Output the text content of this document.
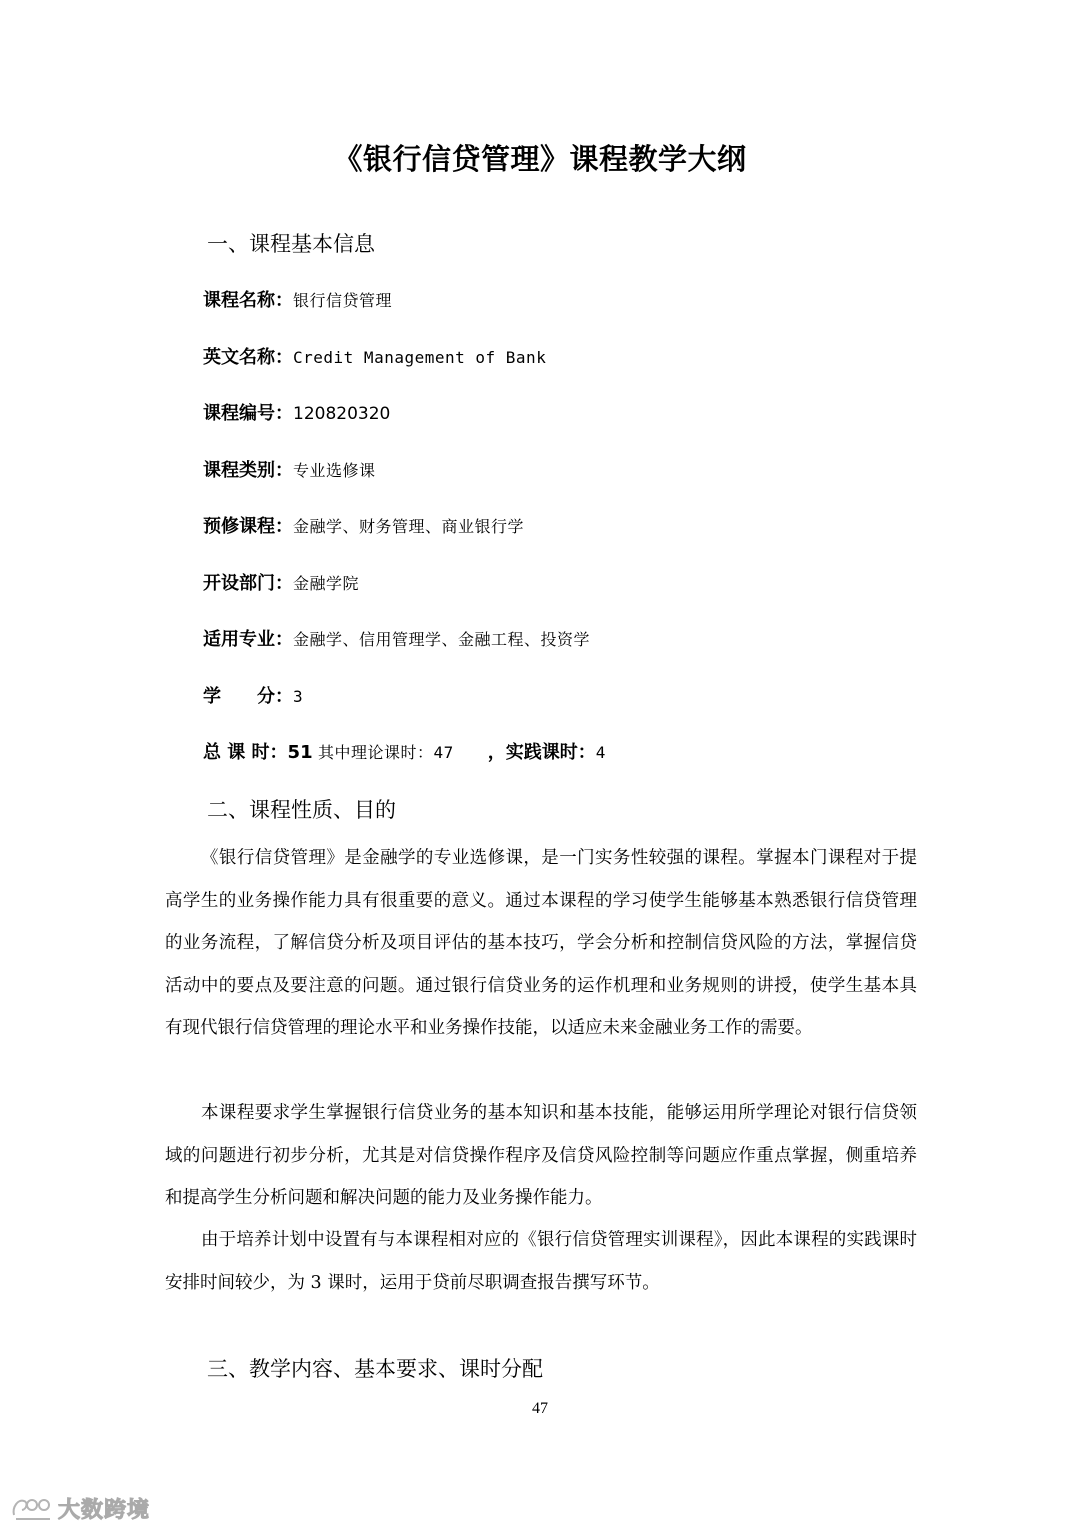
《银行信贷管理》课程教学大纲
一、课程基本信息
课程名称：银行信贷管理
英文名称：Credit Management of Bank
课程编号：120820320
课程类别：专业选修课
预修课程：金融学、财务管理、商业银行学
开设部门：金融学院
适用专业：金融学、信用管理学、金融工程、投资学
学　　分：3
总 课 时：51 其中理论课时：47 ，实践课时：4
二、课程性质、目的

《银行信贷管理》是金融学的专业选修课，是一门实务性较强的课程。掌握本门课程对于提高学生的业务操作能力具有很重要的意义。通过本课程的学习使学生能够基本熟悉银行信贷管理的业务流程，了解信贷分析及项目评估的基本技巧，学会分析和控制信贷风险的方法，掌握信贷活动中的要点及要注意的问题。通过银行信贷业务的运作机理和业务规则的讲授，使学生基本具有现代银行信贷管理的理论水平和业务操作技能，以适应未来金融业务工作的需要。

本课程要求学生掌握银行信贷业务的基本知识和基本技能，能够运用所学理论对银行信贷领域的问题进行初步分析，尤其是对信贷操作程序及信贷风险控制等问题应作重点掌握，侧重培养和提高学生分析问题和解决问题的能力及业务操作能力。

由于培养计划中设置有与本课程相对应的《银行信贷管理实训课程》，因此本课程的实践课时安排时间较少，为 3 课时，运用于贷前尽职调查报告撰写环节。

三、教学内容、基本要求、课时分配
47
大数跨境
